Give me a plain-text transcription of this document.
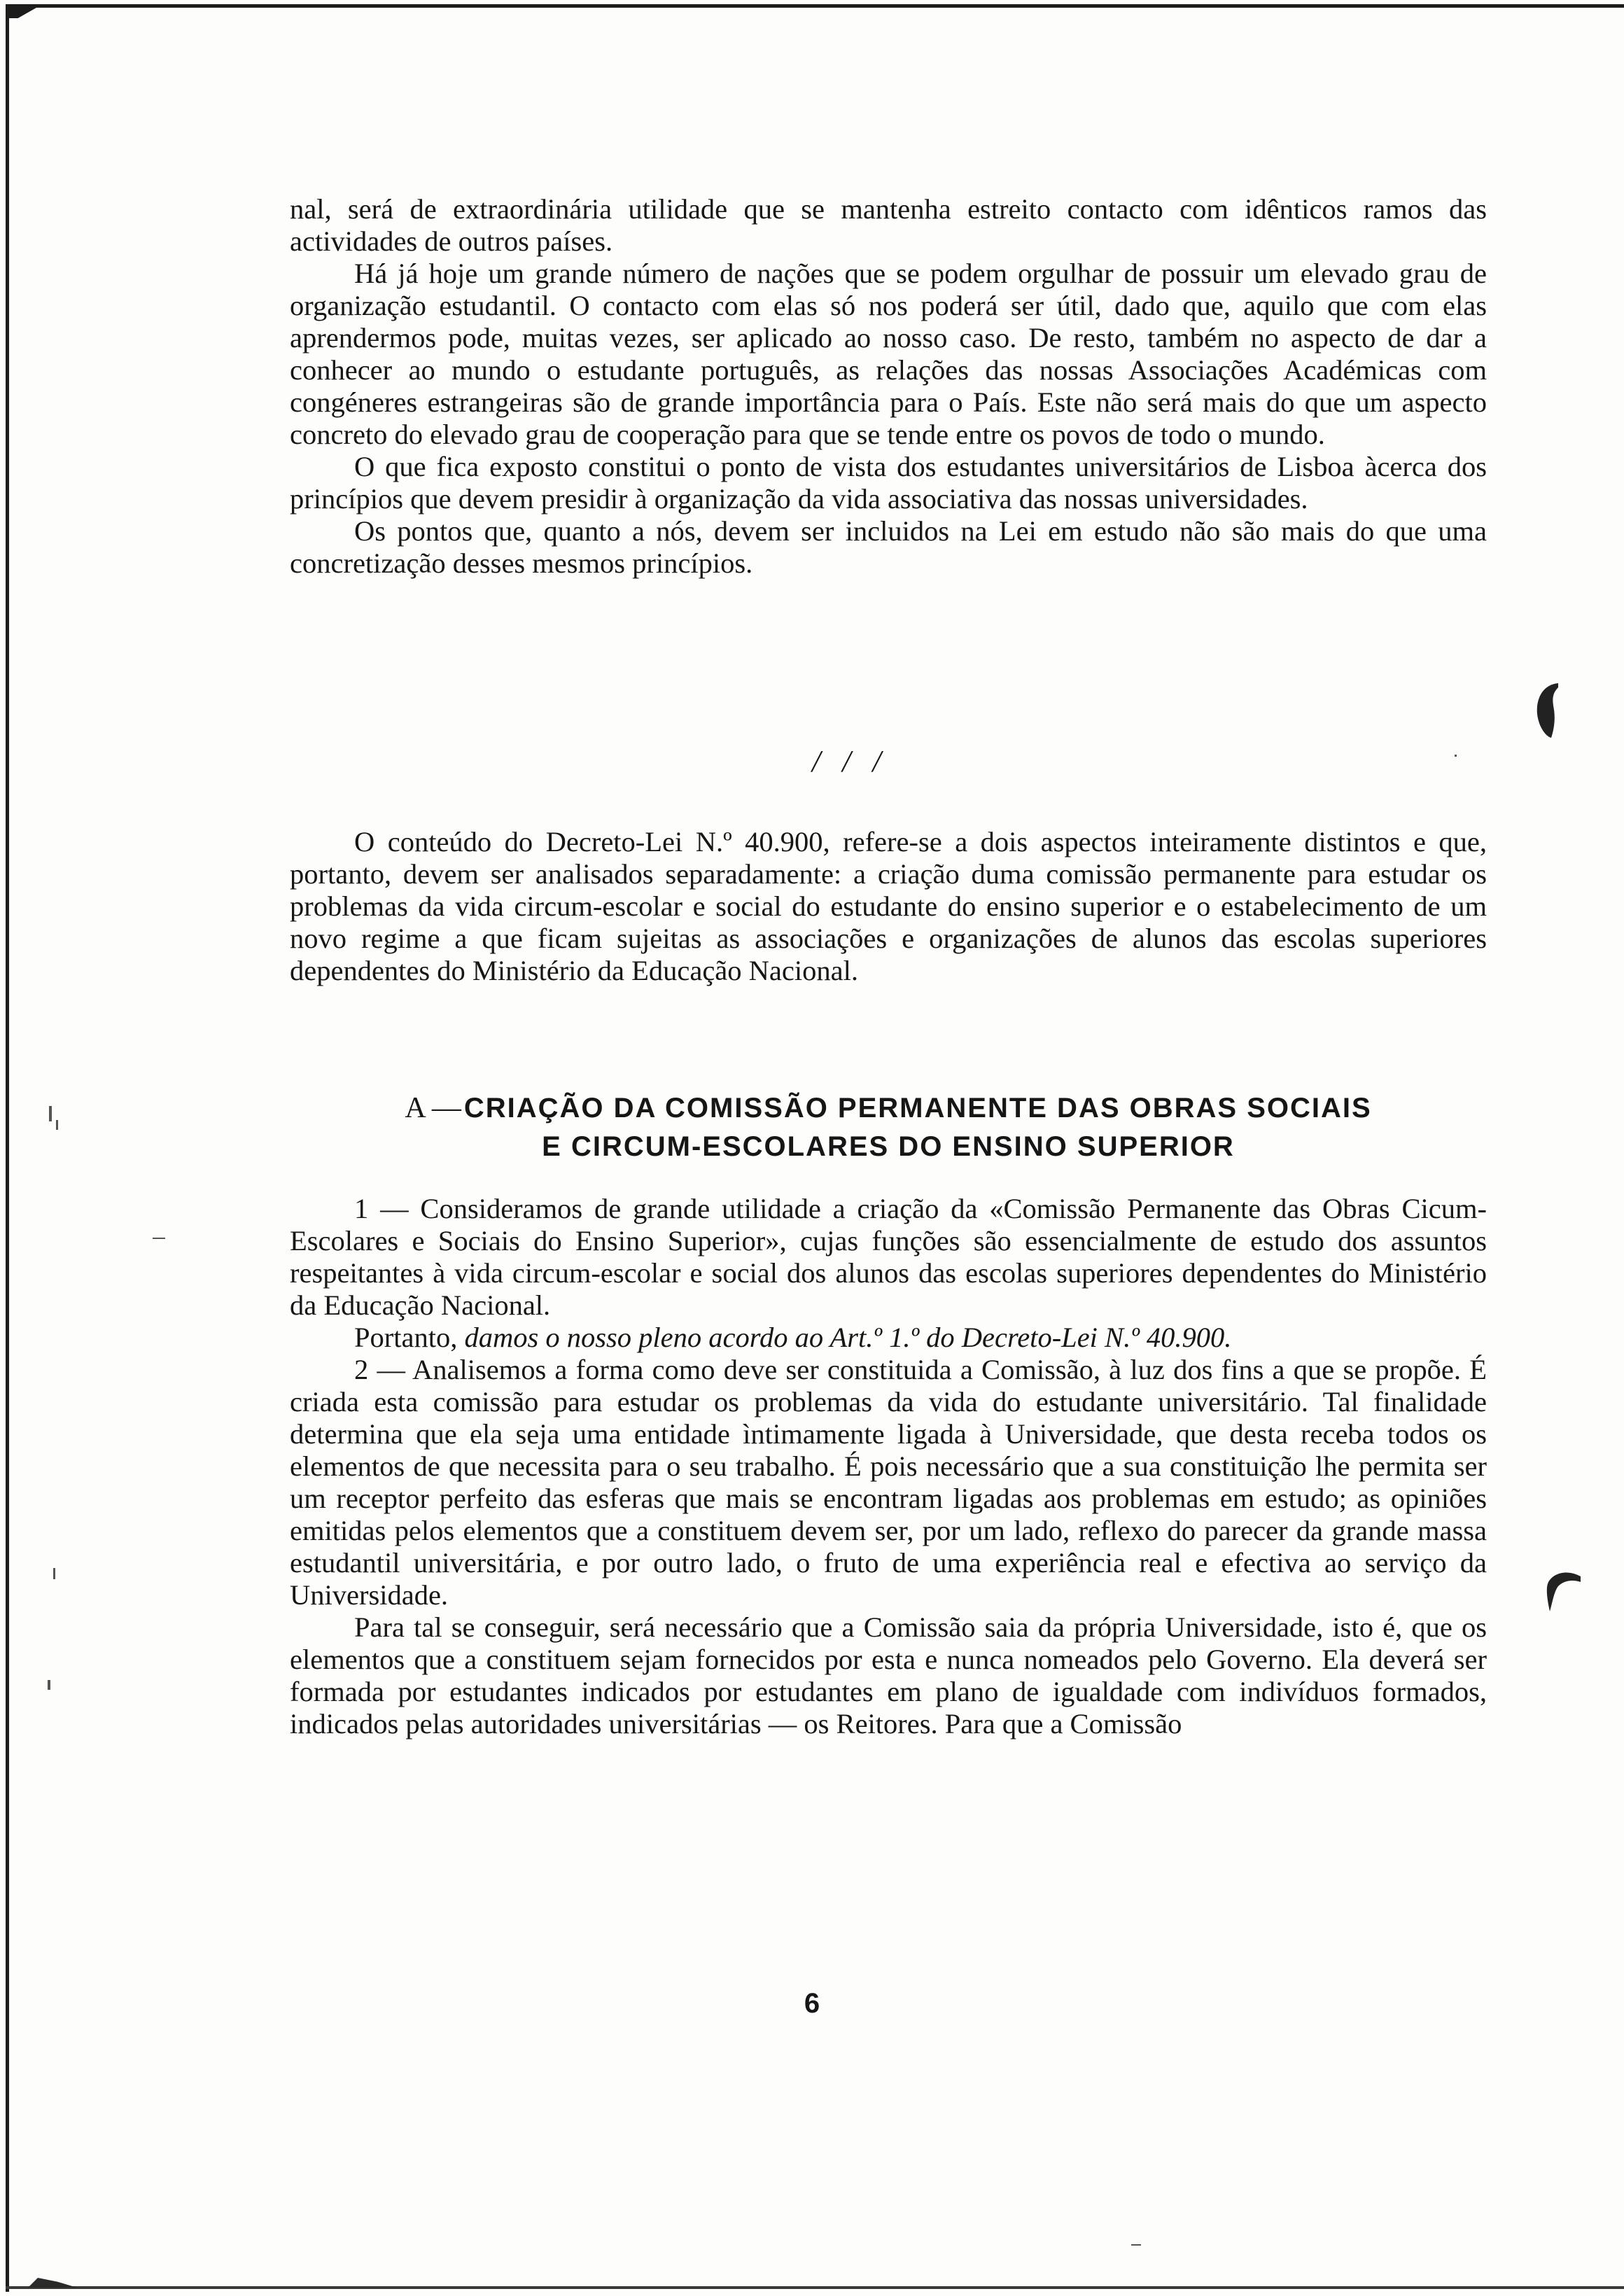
nal, será de extraordinária utilidade que se mantenha estreito contacto com idênticos ramos das actividades de outros países.

Há já hoje um grande número de nações que se podem orgulhar de possuir um elevado grau de organização estudantil. O contacto com elas só nos poderá ser útil, dado que, aquilo que com elas aprendermos pode, muitas vezes, ser aplicado ao nosso caso. De resto, também no aspecto de dar a conhecer ao mundo o estudante português, as relações das nossas Associações Académicas com congéneres estrangeiras são de grande importância para o País. Este não será mais do que um aspecto concreto do elevado grau de cooperação para que se tende entre os povos de todo o mundo.

O que fica exposto constitui o ponto de vista dos estudantes universitários de Lisboa àcerca dos princípios que devem presidir à organização da vida associativa das nossas universidades.

Os pontos que, quanto a nós, devem ser incluidos na Lei em estudo não são mais do que uma concretização desses mesmos princípios.

/ / /

O conteúdo do Decreto-Lei N.º 40.900, refere-se a dois aspectos inteiramente distintos e que, portanto, devem ser analisados separadamente: a criação duma comissão permanente para estudar os problemas da vida circum-escolar e social do estudante do ensino superior e o estabelecimento de um novo regime a que ficam sujeitas as associações e organizações de alunos das escolas superiores dependentes do Ministério da Educação Nacional.

A — CRIAÇÃO DA COMISSÃO PERMANENTE DAS OBRAS SOCIAIS
E CIRCUM-ESCOLARES DO ENSINO SUPERIOR

1 — Consideramos de grande utilidade a criação da «Comissão Permanente das Obras Cicum-Escolares e Sociais do Ensino Superior», cujas funções são essencialmente de estudo dos assuntos respeitantes à vida circum-escolar e social dos alunos das escolas superiores dependentes do Ministério da Educação Nacional.

Portanto, damos o nosso pleno acordo ao Art.º 1.º do Decreto-Lei N.º 40.900.

2 — Analisemos a forma como deve ser constituida a Comissão, à luz dos fins a que se propõe. É criada esta comissão para estudar os problemas da vida do estudante universitário. Tal finalidade determina que ela seja uma entidade ìntimamente ligada à Universidade, que desta receba todos os elementos de que necessita para o seu trabalho. É pois necessário que a sua constituição lhe permita ser um receptor perfeito das esferas que mais se encontram ligadas aos problemas em estudo; as opiniões emitidas pelos elementos que a constituem devem ser, por um lado, reflexo do parecer da grande massa estudantil universitária, e por outro lado, o fruto de uma experiência real e efectiva ao serviço da Universidade.

Para tal se conseguir, será necessário que a Comissão saia da própria Universidade, isto é, que os elementos que a constituem sejam fornecidos por esta e nunca nomeados pelo Governo. Ela deverá ser formada por estudantes indicados por estudantes em plano de igualdade com indivíduos formados, indicados pelas autoridades universitárias — os Reitores. Para que a Comissão

6
